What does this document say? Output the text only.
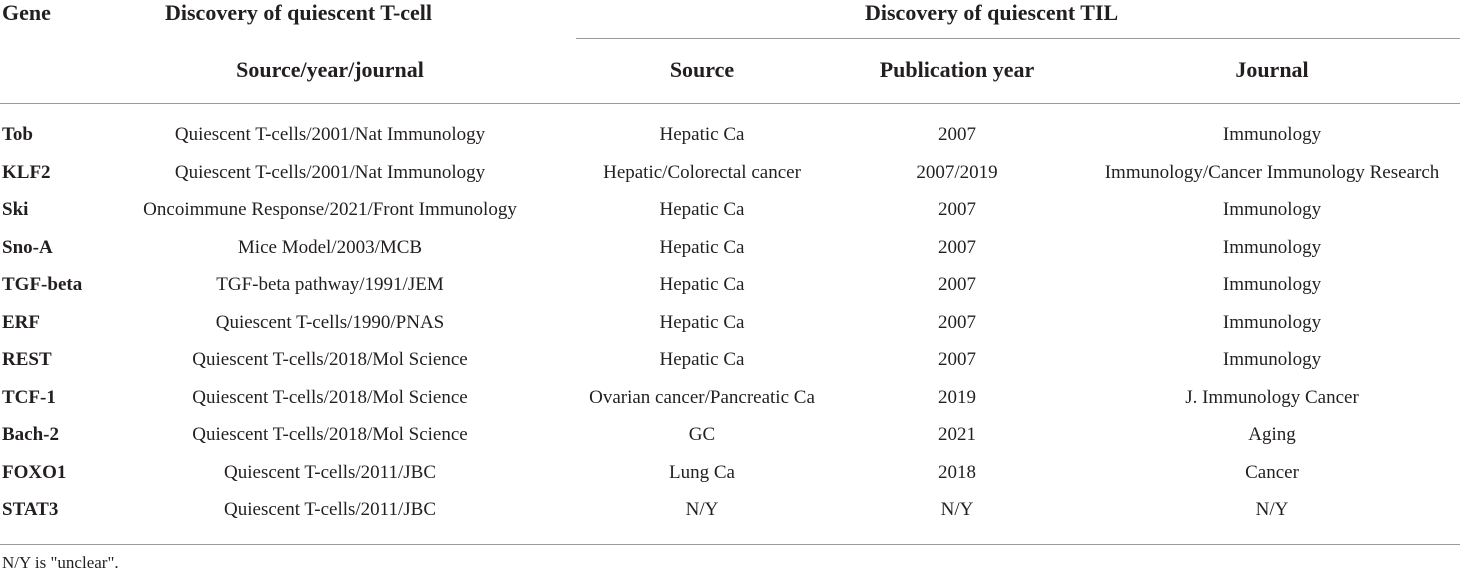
Gene	Discovery of quiescent T-cell	Discovery of quiescent TIL
Source/year/journal	Source	Publication year	Journal
Tob	Quiescent T-cells/2001/Nat Immunology	Hepatic Ca	2007	Immunology
KLF2	Quiescent T-cells/2001/Nat Immunology	Hepatic/Colorectal cancer	2007/2019	Immunology/Cancer Immunology Research
Ski	Oncoimmune Response/2021/Front Immunology	Hepatic Ca	2007	Immunology
Sno-A	Mice Model/2003/MCB	Hepatic Ca	2007	Immunology
TGF-beta	TGF-beta pathway/1991/JEM	Hepatic Ca	2007	Immunology
ERF	Quiescent T-cells/1990/PNAS	Hepatic Ca	2007	Immunology
REST	Quiescent T-cells/2018/Mol Science	Hepatic Ca	2007	Immunology
TCF-1	Quiescent T-cells/2018/Mol Science	Ovarian cancer/Pancreatic Ca	2019	J. Immunology Cancer
Bach-2	Quiescent T-cells/2018/Mol Science	GC	2021	Aging
FOXO1	Quiescent T-cells/2011/JBC	Lung Ca	2018	Cancer
STAT3	Quiescent T-cells/2011/JBC	N/Y	N/Y	N/Y
N/Y is "unclear".
